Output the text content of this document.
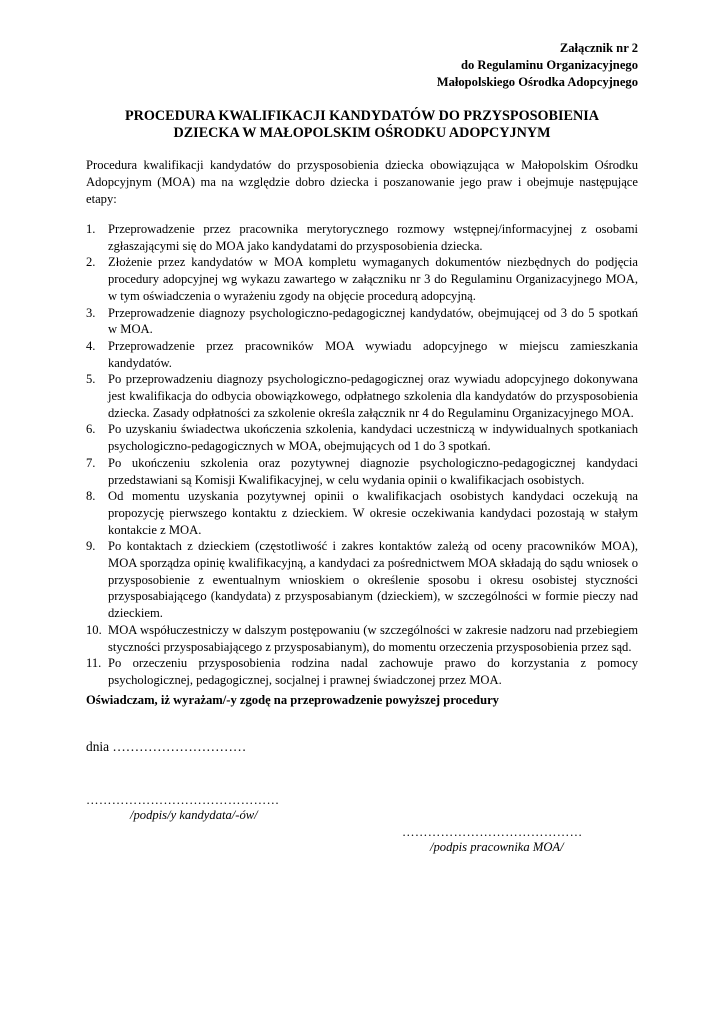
Załącznik nr 2
do Regulaminu Organizacyjnego
Małopolskiego Ośrodka Adopcyjnego
PROCEDURA KWALIFIKACJI KANDYDATÓW DO PRZYSPOSOBIENIA
DZIECKA W MAŁOPOLSKIM OŚRODKU ADOPCYJNYM

Procedura kwalifikacji kandydatów do przysposobienia dziecka obowiązująca w Małopolskim Ośrodku Adopcyjnym (MOA) ma na względzie dobro dziecka i poszanowanie jego praw i obejmuje następujące etapy:

1. Przeprowadzenie przez pracownika merytorycznego rozmowy wstępnej/informacyjnej z osobami zgłaszającymi się do MOA jako kandydatami do przysposobienia dziecka.
2. Złożenie przez kandydatów w MOA kompletu wymaganych dokumentów niezbędnych do podjęcia procedury adopcyjnej wg wykazu zawartego w załączniku nr 3 do Regulaminu Organizacyjnego MOA, w tym oświadczenia o wyrażeniu zgody na objęcie procedurą adopcyjną.
3. Przeprowadzenie diagnozy psychologiczno-pedagogicznej kandydatów, obejmującej od 3 do 5 spotkań w MOA.
4. Przeprowadzenie przez pracowników MOA wywiadu adopcyjnego w miejscu zamieszkania kandydatów.
5. Po przeprowadzeniu diagnozy psychologiczno-pedagogicznej oraz wywiadu adopcyjnego dokonywana jest kwalifikacja do odbycia obowiązkowego, odpłatnego szkolenia dla kandydatów do przysposobienia dziecka. Zasady odpłatności za szkolenie określa załącznik nr 4 do Regulaminu Organizacyjnego MOA.
6. Po uzyskaniu świadectwa ukończenia szkolenia, kandydaci uczestniczą w indywidualnych spotkaniach psychologiczno-pedagogicznych w MOA, obejmujących od 1 do 3 spotkań.
7. Po ukończeniu szkolenia oraz pozytywnej diagnozie psychologiczno-pedagogicznej kandydaci przedstawiani są Komisji Kwalifikacyjnej, w celu wydania opinii o kwalifikacjach osobistych.
8. Od momentu uzyskania pozytywnej opinii o kwalifikacjach osobistych kandydaci oczekują na propozycję pierwszego kontaktu z dzieckiem. W okresie oczekiwania kandydaci pozostają w stałym kontakcie z MOA.
9. Po kontaktach z dzieckiem (częstotliwość i zakres kontaktów zależą od oceny pracowników MOA), MOA sporządza opinię kwalifikacyjną, a kandydaci za pośrednictwem MOA składają do sądu wniosek o przysposobienie z ewentualnym wnioskiem o określenie sposobu i okresu osobistej styczności przysposabiającego (kandydata) z przysposabianym (dzieckiem), w szczególności w formie pieczy nad dzieckiem.
10. MOA współuczestniczy w dalszym postępowaniu (w szczególności w zakresie nadzoru nad przebiegiem styczności przysposabiającego z przysposabianym), do momentu orzeczenia przysposobienia przez sąd.
11. Po orzeczeniu przysposobienia rodzina nadal zachowuje prawo do korzystania z pomocy psychologicznej, pedagogicznej, socjalnej i prawnej świadczonej przez MOA.

Oświadczam, iż wyrażam/-y zgodę na przeprowadzenie powyższej procedury

dnia …………………………
………………………………………
/podpis/y kandydata/-ów/
……………………………………
/podpis pracownika MOA/
